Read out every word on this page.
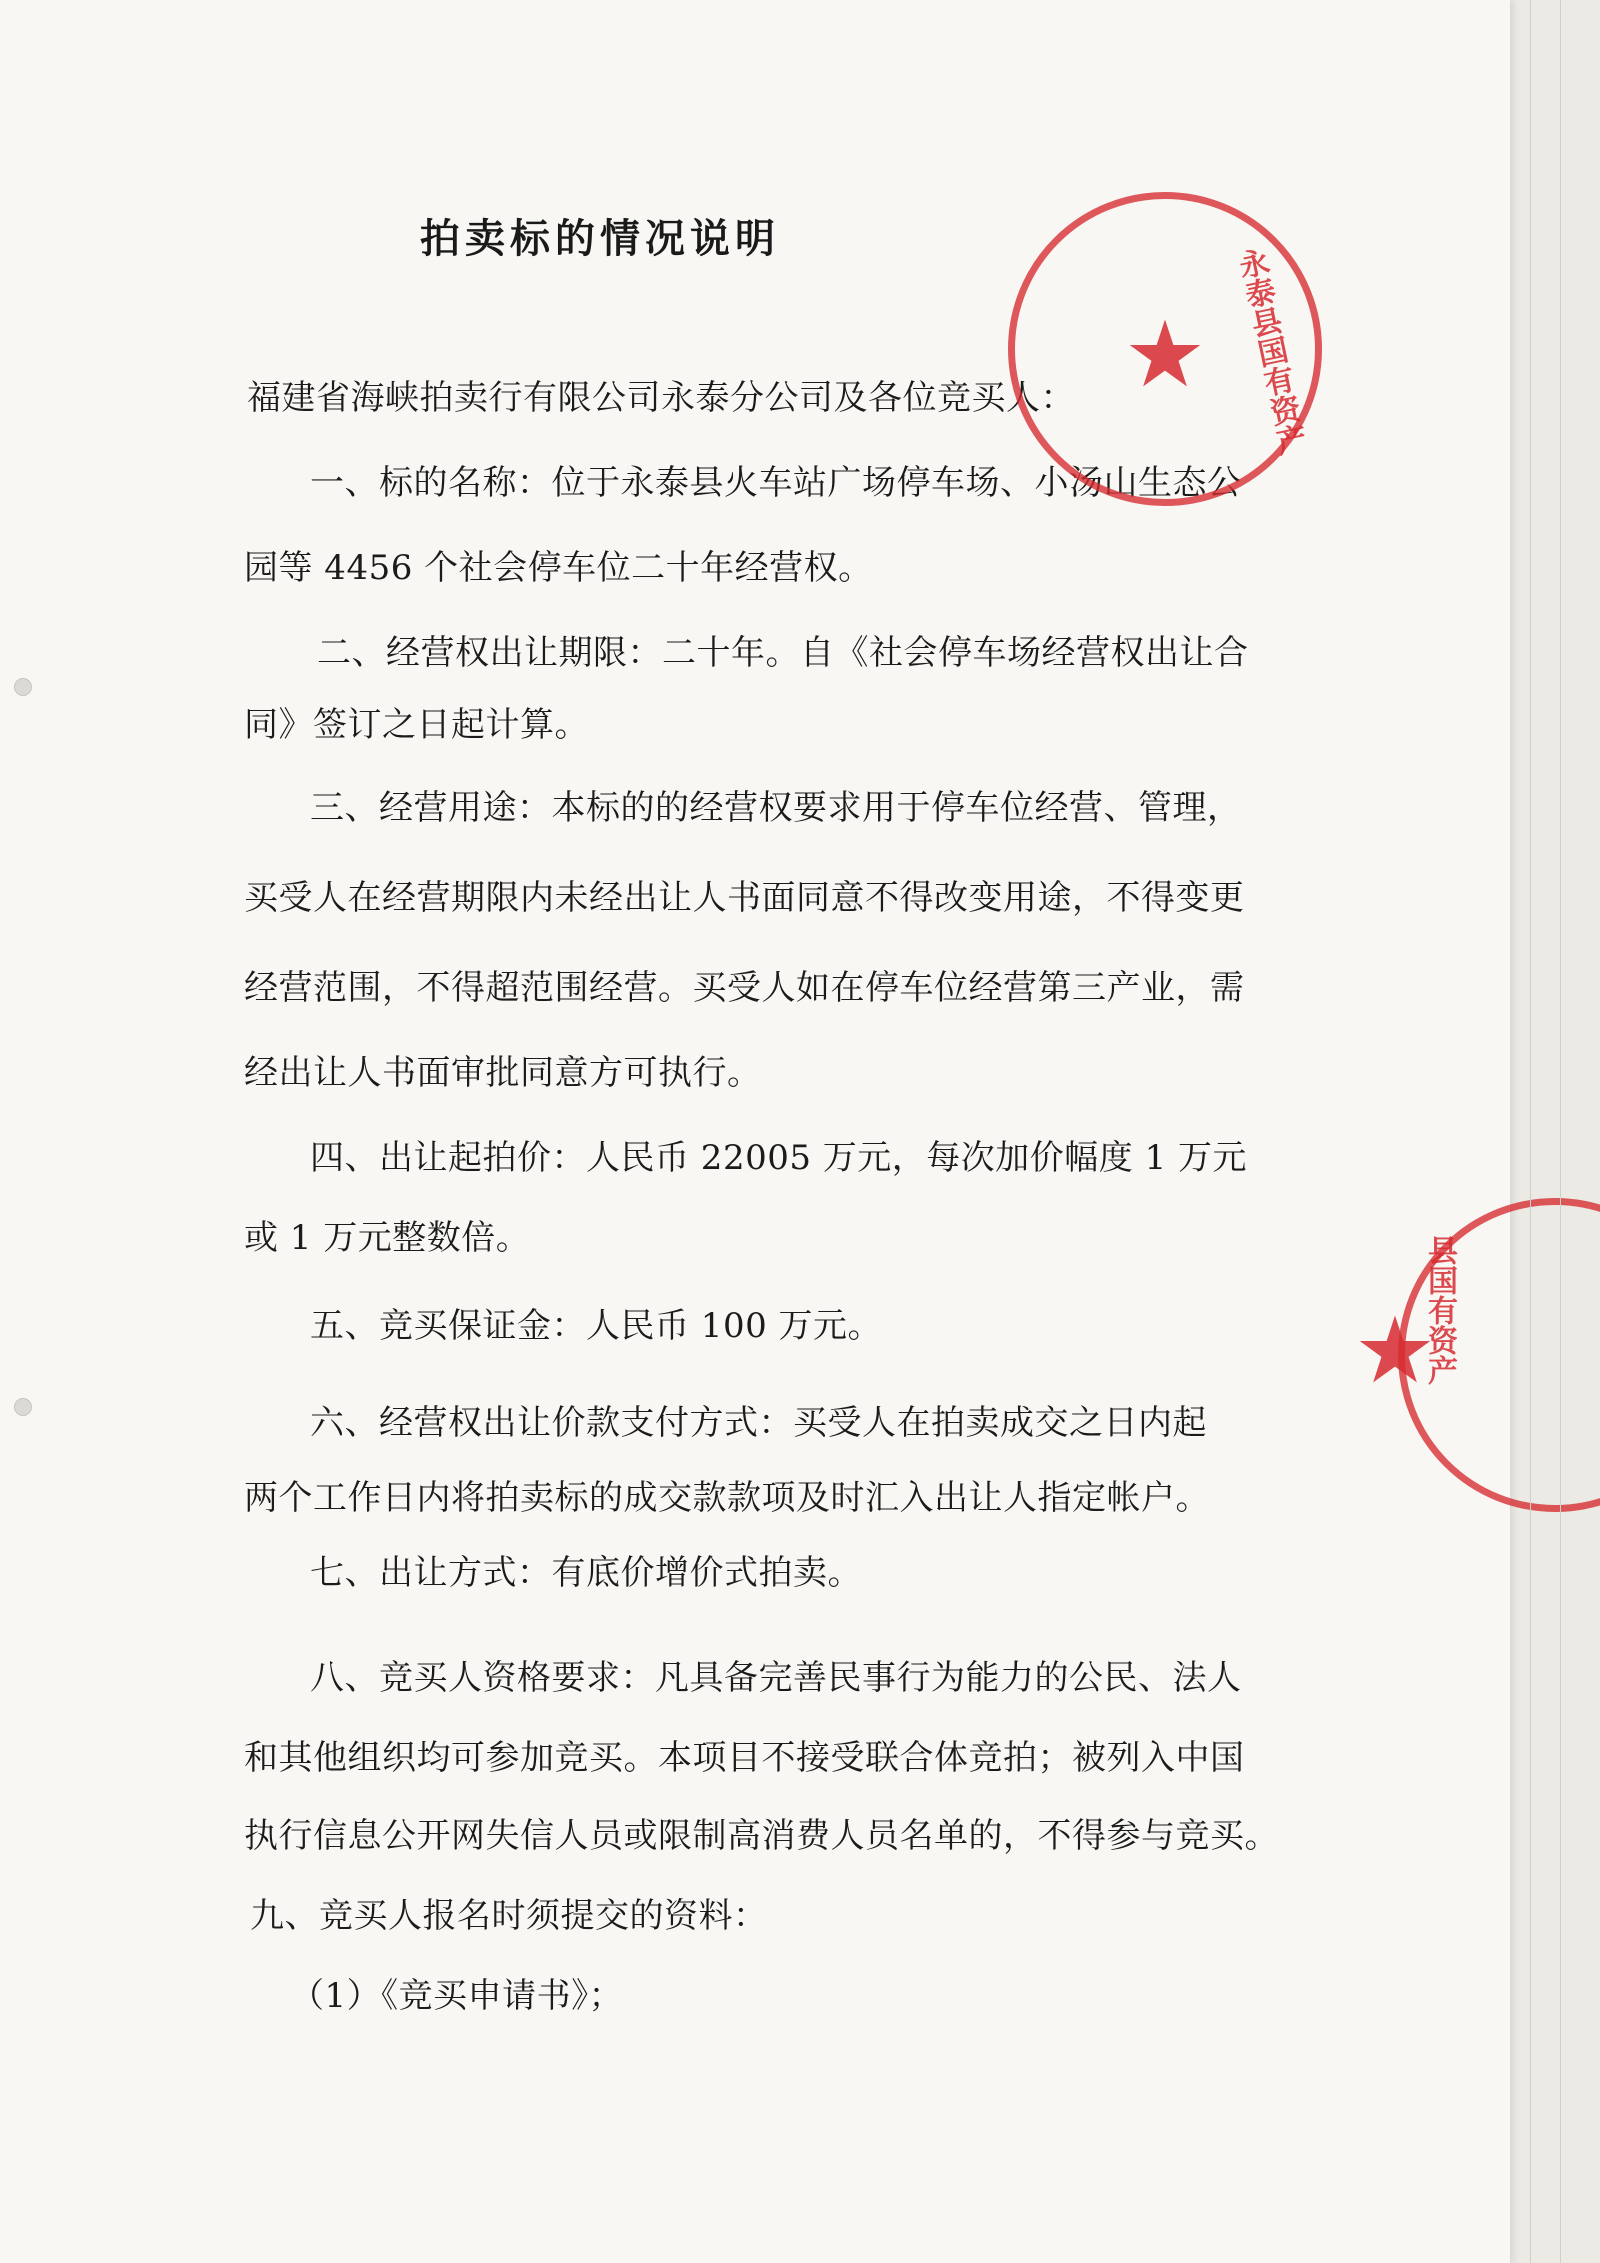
拍卖标的情况说明
福建省海峡拍卖行有限公司永泰分公司及各位竞买人：
一、标的名称：位于永泰县火车站广场停车场、小汤山生态公
园等 4456 个社会停车位二十年经营权。
二、经营权出让期限：二十年。自《社会停车场经营权出让合
同》签订之日起计算。
三、经营用途：本标的的经营权要求用于停车位经营、管理，
买受人在经营期限内未经出让人书面同意不得改变用途，不得变更
经营范围，不得超范围经营。买受人如在停车位经营第三产业，需
经出让人书面审批同意方可执行。
四、出让起拍价：人民币 22005 万元，每次加价幅度 1 万元
或 1 万元整数倍。
五、竞买保证金：人民币 100 万元。
六、经营权出让价款支付方式：买受人在拍卖成交之日内起
两个工作日内将拍卖标的成交款款项及时汇入出让人指定帐户。
七、出让方式：有底价增价式拍卖。
八、竞买人资格要求：凡具备完善民事行为能力的公民、法人
和其他组织均可参加竞买。本项目不接受联合体竞拍；被列入中国
执行信息公开网失信人员或限制高消费人员名单的，不得参与竞买。
九、竞买人报名时须提交的资料：
（1）《竞买申请书》；
★ 永泰县国有资产
★
县国有资产
